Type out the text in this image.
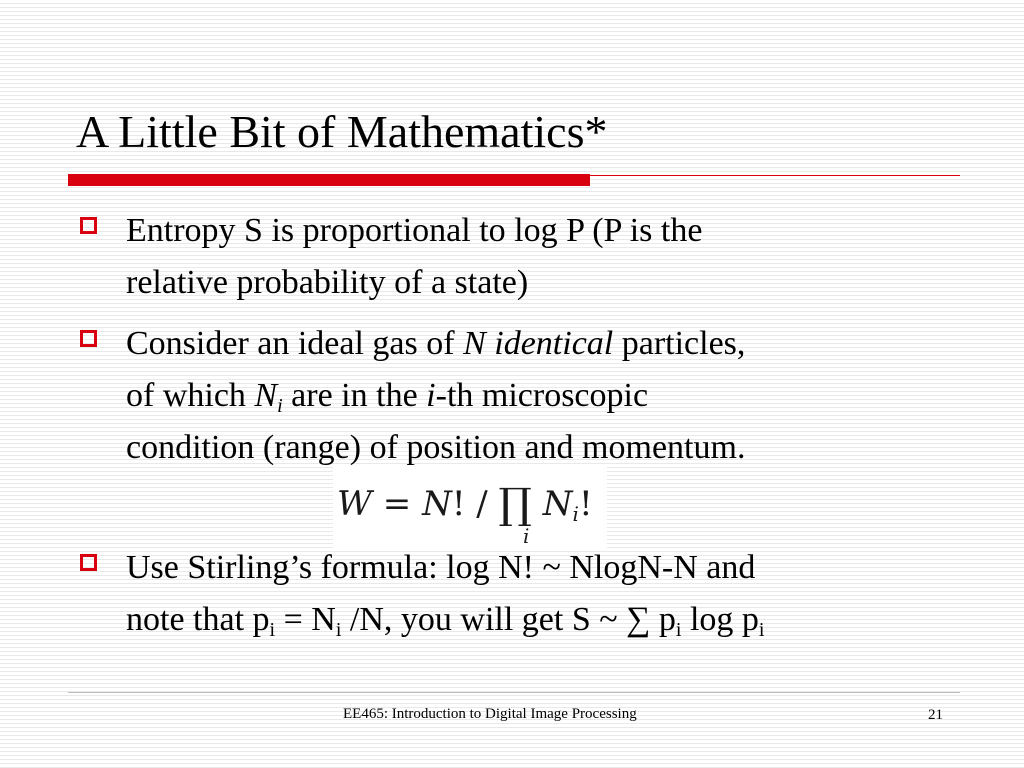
A Little Bit of Mathematics*
Entropy S is proportional to log P (P is the
relative probability of a state)
Consider an ideal gas of N identical particles,
of which $N_i$ are in the i-th microscopic
condition (range) of position and momentum.
W = N! / ∏ $N_i$!
i
Use Stirling’s formula: log N! ~ NlogN-N and
note that $p_i = N_i$ /N, you will get S ~ ∑ $p_i$ $\log p_i$
EE465: Introduction to Digital Image Processing	21
